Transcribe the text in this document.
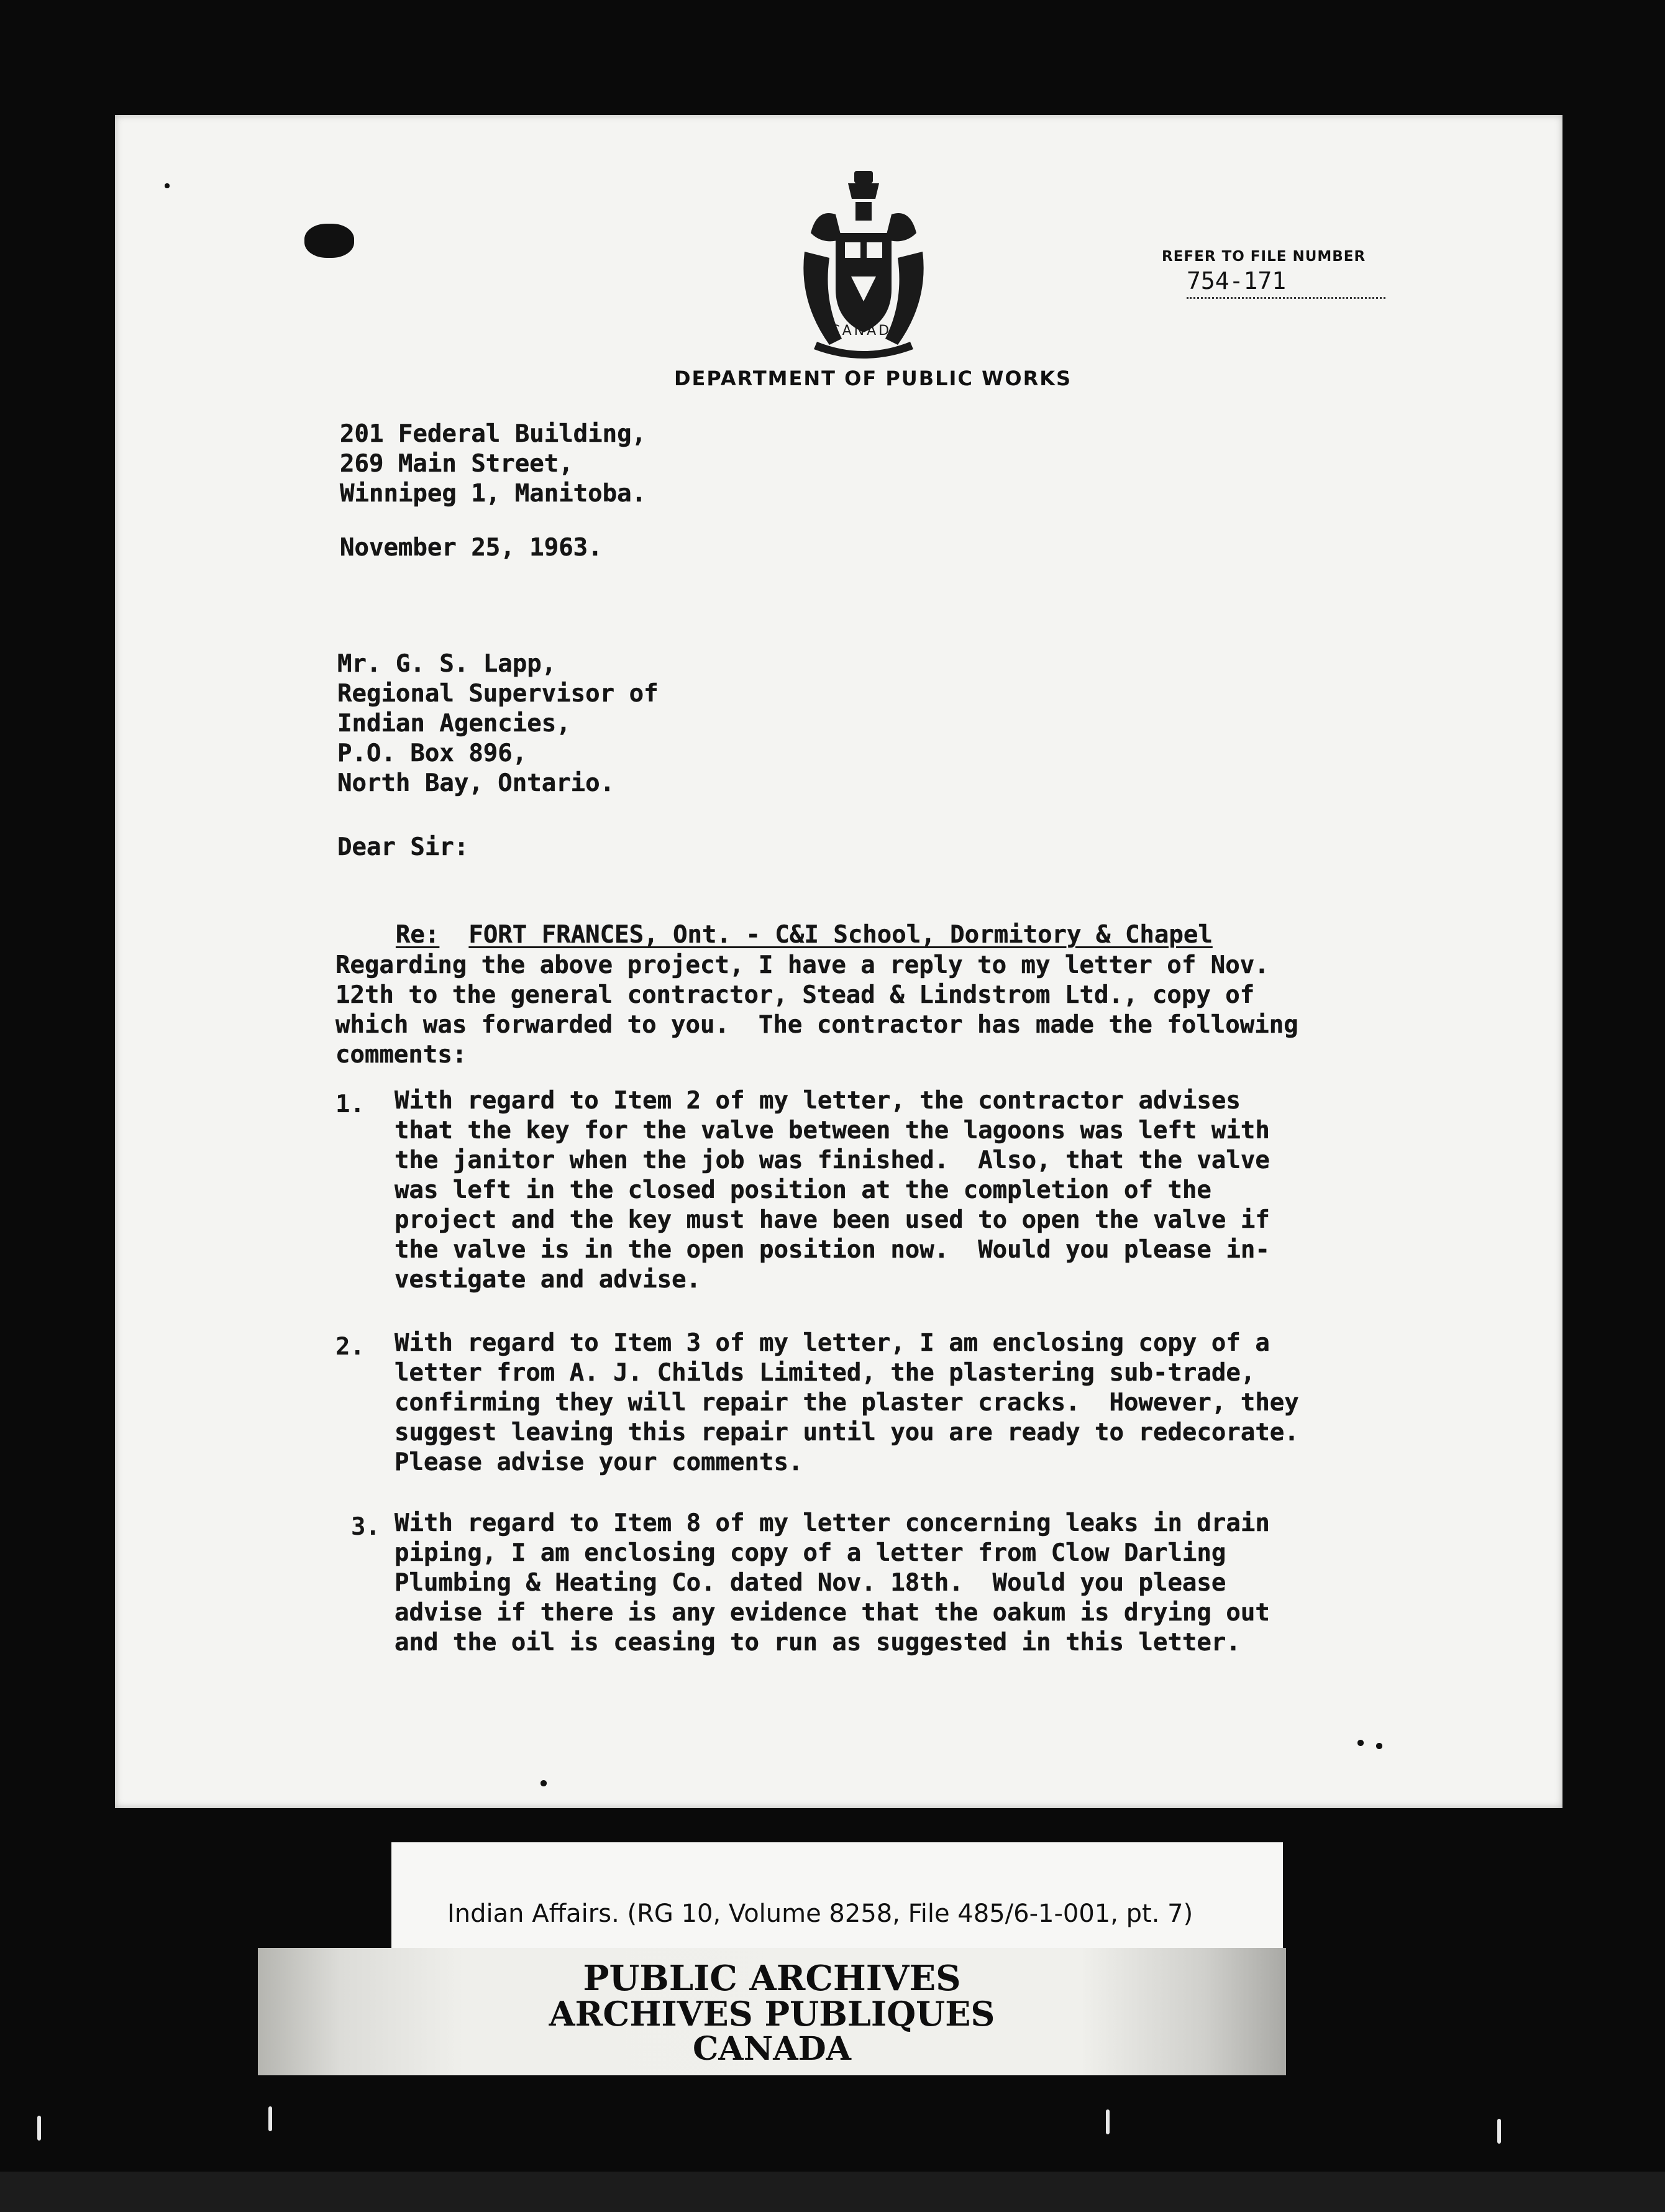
CANADA
REFER TO FILE NUMBER
754-171
DEPARTMENT OF PUBLIC WORKS
201 Federal Building,
269 Main Street,
Winnipeg 1, Manitoba.
November 25, 1963.
Mr. G. S. Lapp,
Regional Supervisor of
Indian Agencies,
P.O. Box 896,
North Bay, Ontario.
Dear Sir:

Re: FORT FRANCES, Ont. - C&I School, Dormitory & Chapel

Regarding the above project, I have a reply to my letter of Nov.
12th to the general contractor, Stead & Lindstrom Ltd., copy of
which was forwarded to you.  The contractor has made the following
comments:
1. With regard to Item 2 of my letter, the contractor advises
that the key for the valve between the lagoons was left with
the janitor when the job was finished.  Also, that the valve
was left in the closed position at the completion of the
project and the key must have been used to open the valve if
the valve is in the open position now.  Would you please in-
vestigate and advise.
2. With regard to Item 3 of my letter, I am enclosing copy of a
letter from A. J. Childs Limited, the plastering sub-trade,
confirming they will repair the plaster cracks.  However, they
suggest leaving this repair until you are ready to redecorate.
Please advise your comments.
3. With regard to Item 8 of my letter concerning leaks in drain
piping, I am enclosing copy of a letter from Clow Darling
Plumbing & Heating Co. dated Nov. 18th.  Would you please
advise if there is any evidence that the oakum is drying out
and the oil is ceasing to run as suggested in this letter.
Indian Affairs. (RG 10, Volume 8258, File 485/6-1-001, pt. 7)
PUBLIC ARCHIVES
ARCHIVES PUBLIQUES
CANADA
